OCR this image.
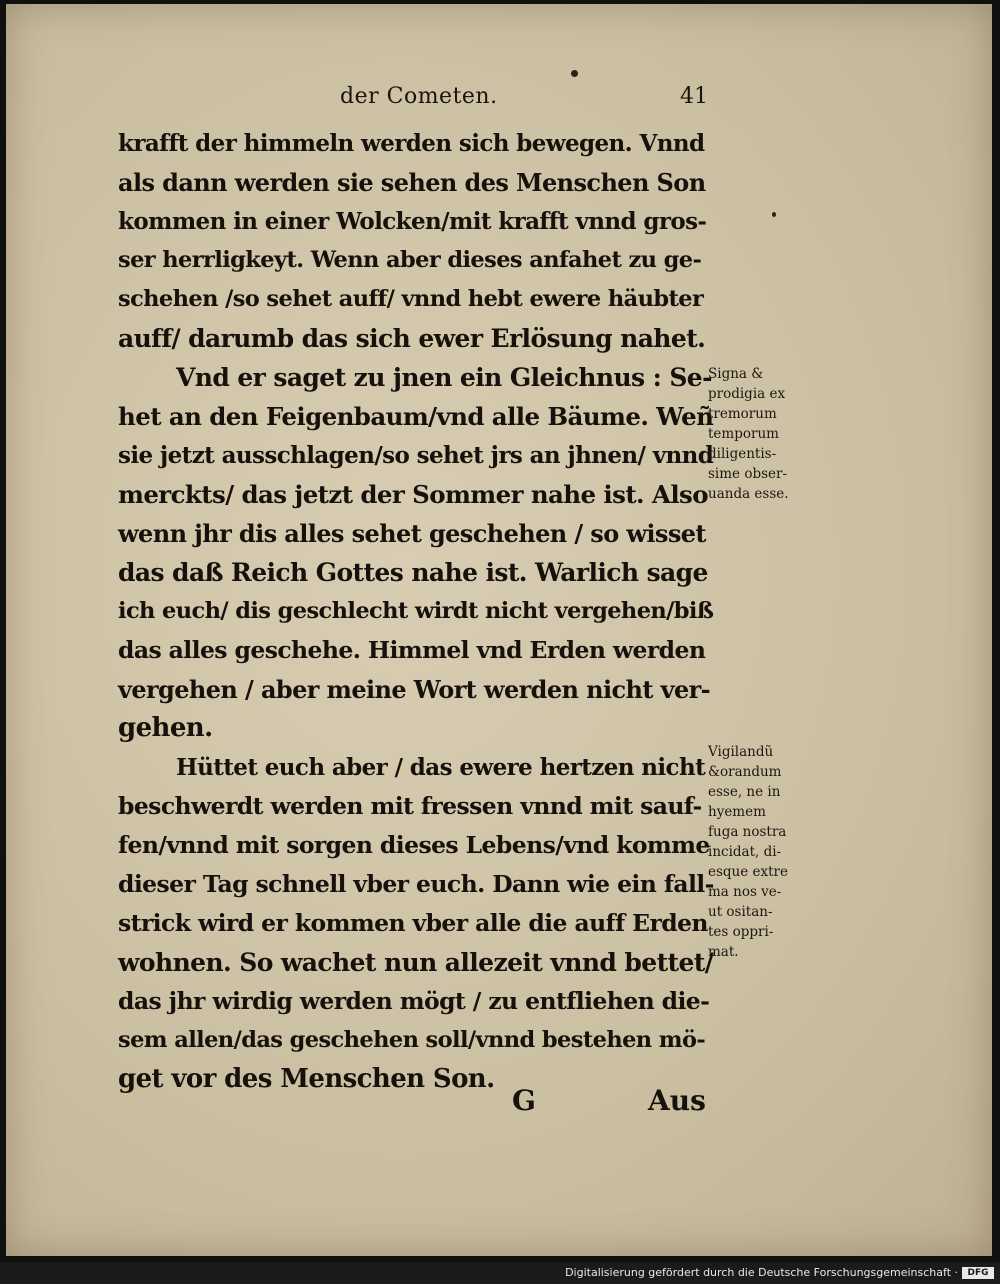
der Cometen.	41
krafft der himmeln werden sich bewegen. Vnnd
als dann werden sie sehen des Menschen Son
kommen in einer Wolcken/mit krafft vnnd gros-
ser herrligkeyt. Wenn aber dieses anfahet zu ge-
schehen /so sehet auff/ vnnd hebt ewere häubter
auff/ darumb das sich ewer Erlösung nahet.
Vnd er saget zu jnen ein Gleichnus : Se-
het an den Feigenbaum/vnd alle Bäume. Weñ
sie jetzt ausschlagen/so sehet jrs an jhnen/ vnnd
merckts/ das jetzt der Sommer nahe ist. Also
wenn jhr dis alles sehet geschehen / so wisset
das daß Reich Gottes nahe ist. Warlich sage
ich euch/ dis geschlecht wirdt nicht vergehen/biß
das alles geschehe. Himmel vnd Erden werden
vergehen / aber meine Wort werden nicht ver-
gehen.
Hüttet euch aber / das ewere hertzen nicht
beschwerdt werden mit fressen vnnd mit sauf-
fen/vnnd mit sorgen dieses Lebens/vnd komme
dieser Tag schnell vber euch. Dann wie ein fall-
strick wird er kommen vber alle die auff Erden
wohnen. So wachet nun allezeit vnnd bettet/
das jhr wirdig werden mögt / zu entfliehen die-
sem allen/das geschehen soll/vnnd bestehen mö-
get vor des Menschen Son.
Signa &
prodigia ex
tremorum
temporum
diligentis-
sime obser-
uanda esse.
Vigilandũ
&orandum
esse, ne in
hyemem
fuga nostra
incidat, di-
esque extre
ma nos ve-
ut ositan-
tes oppri-
mat.
G	Aus
Digitalisierung gefördert durch die Deutsche Forschungsgemeinschaft ·	DFG
